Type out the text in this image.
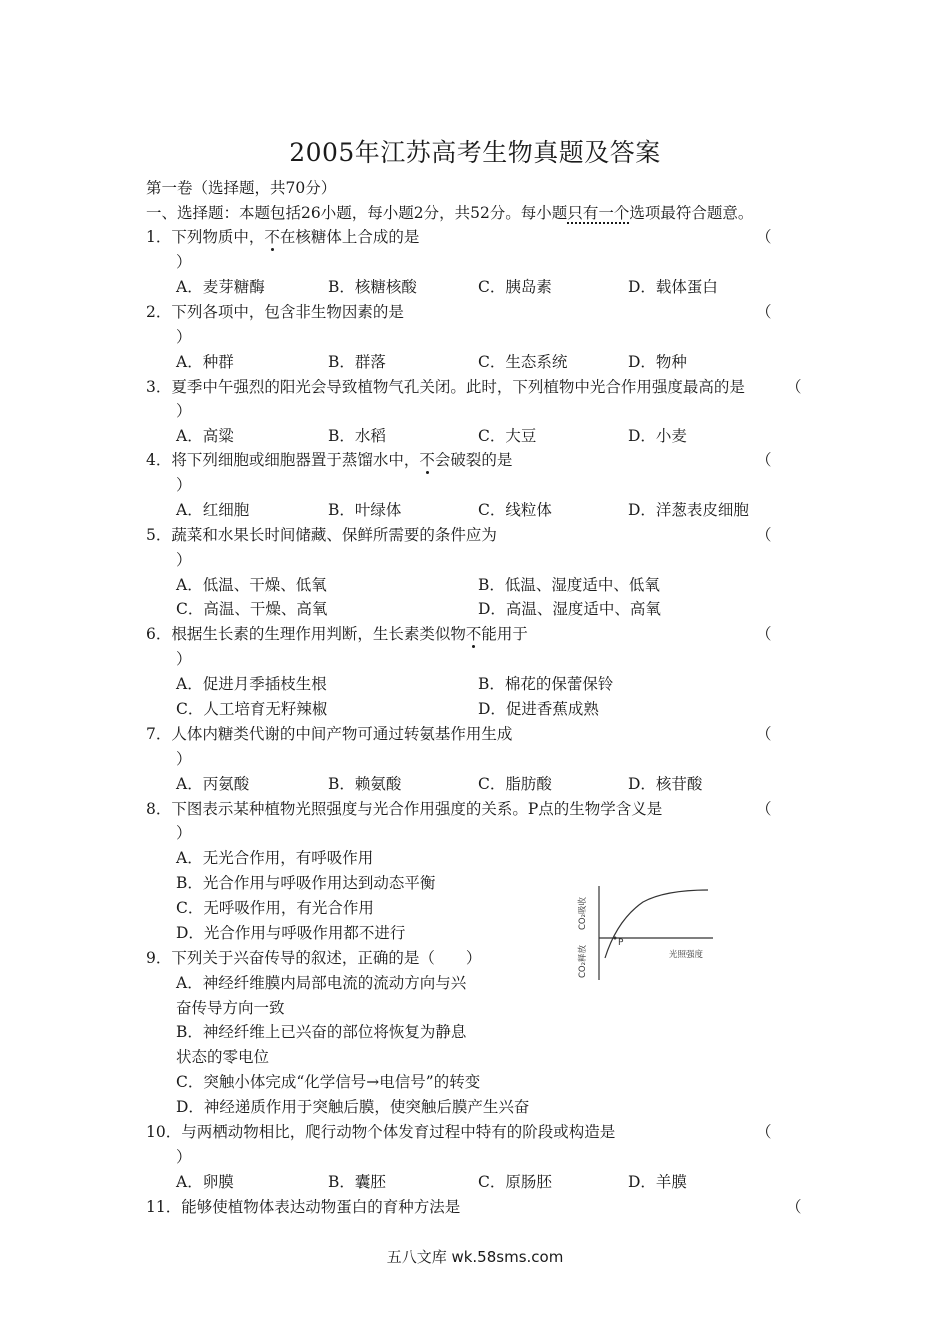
2005年江苏高考生物真题及答案
第一卷（选择题，共70分）
一、选择题：本题包括26小题，每小题2分，共52分。每小题只有一个选项最符合题意。
1．下列物质中，不在核糖体上合成的是	（
）
A．麦芽糖酶	B．核糖核酸	C．胰岛素	D．载体蛋白
2．下列各项中，包含非生物因素的是	（
）
A．种群	B．群落	C．生态系统	D．物种
3．夏季中午强烈的阳光会导致植物气孔关闭。此时，下列植物中光合作用强度最高的是	（
）
A．高粱	B．水稻	C．大豆	D．小麦
4．将下列细胞或细胞器置于蒸馏水中，不会破裂的是	（
）
A．红细胞	B．叶绿体	C．线粒体	D．洋葱表皮细胞
5．蔬菜和水果长时间储藏、保鲜所需要的条件应为	（
）
A．低温、干燥、低氧	B．低温、湿度适中、低氧
C．高温、干燥、高氧	D．高温、湿度适中、高氧
6．根据生长素的生理作用判断，生长素类似物不能用于	（
）
A．促进月季插枝生根	B．棉花的保蕾保铃
C．人工培育无籽辣椒	D．促进香蕉成熟
7．人体内糖类代谢的中间产物可通过转氨基作用生成	（
）
A．丙氨酸	B．赖氨酸	C．脂肪酸	D．核苷酸
8．下图表示某种植物光照强度与光合作用强度的关系。P点的生物学含义是	（
）
A．无光合作用，有呼吸作用
B．光合作用与呼吸作用达到动态平衡
C．无呼吸作用，有光合作用
D．光合作用与呼吸作用都不进行
P
CO₂吸收
CO₂释放	光照强度
9．下列关于兴奋传导的叙述，正确的是（　　）
A．神经纤维膜内局部电流的流动方向与兴
奋传导方向一致
B．神经纤维上已兴奋的部位将恢复为静息
状态的零电位
C．突触小体完成“化学信号→电信号”的转变
D．神经递质作用于突触后膜，使突触后膜产生兴奋
10．与两栖动物相比，爬行动物个体发育过程中特有的阶段或构造是	（
）
A．卵膜	B．囊胚	C．原肠胚	D．羊膜
11．能够使植物体表达动物蛋白的育种方法是	（
五八文库 wk.58sms.com
